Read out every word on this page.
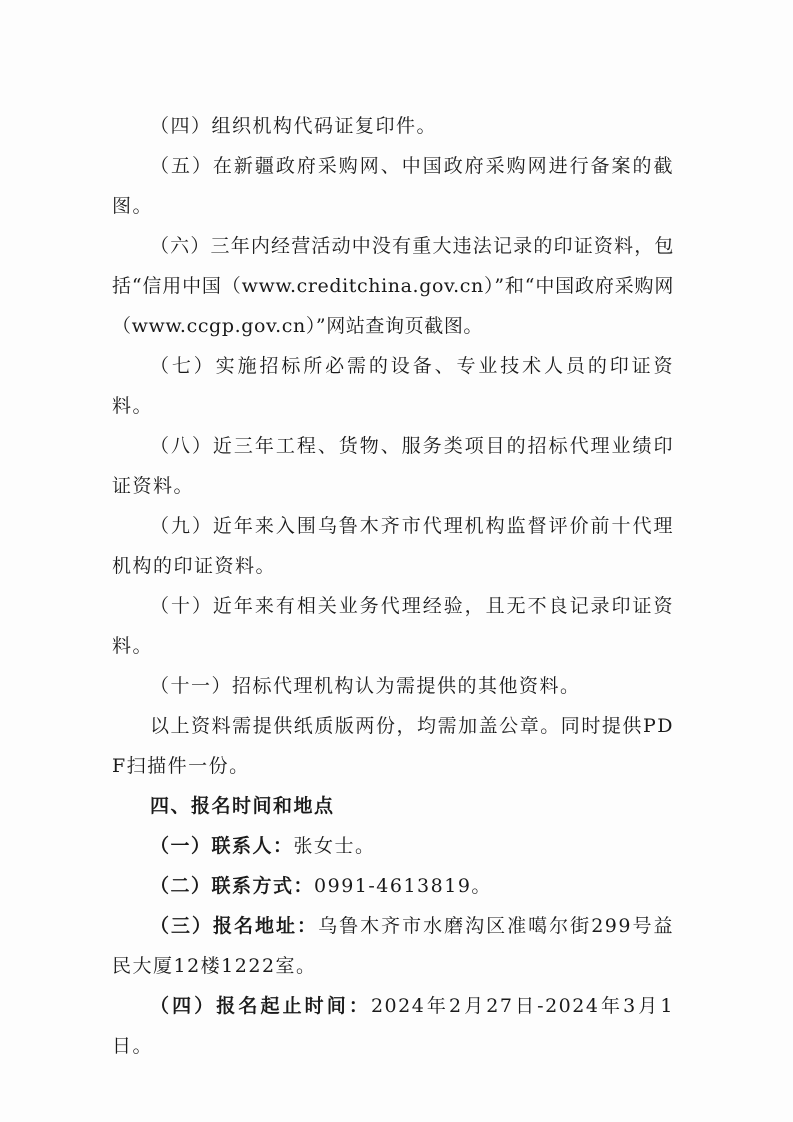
（四）组织机构代码证复印件。

（五）在新疆政府采购网、中国政府采购网进行备案的截图。

（六）三年内经营活动中没有重大违法记录的印证资料，包括“信用中国（www.creditchina.gov.cn）”和“中国政府采购网（www.ccgp.gov.cn）”网站查询页截图。

（七）实施招标所必需的设备、专业技术人员的印证资料。

（八）近三年工程、货物、服务类项目的招标代理业绩印证资料。

（九）近年来入围乌鲁木齐市代理机构监督评价前十代理机构的印证资料。

（十）近年来有相关业务代理经验，且无不良记录印证资料。

（十一）招标代理机构认为需提供的其他资料。

以上资料需提供纸质版两份，均需加盖公章。同时提供PDF扫描件一份。

四、报名时间和地点

（一）联系人：张女士。

（二）联系方式：0991-4613819。

（三）报名地址：乌鲁木齐市水磨沟区准噶尔街299号益民大厦12楼1222室。

（四）报名起止时间：2024年2月27日-2024年3月1日。
